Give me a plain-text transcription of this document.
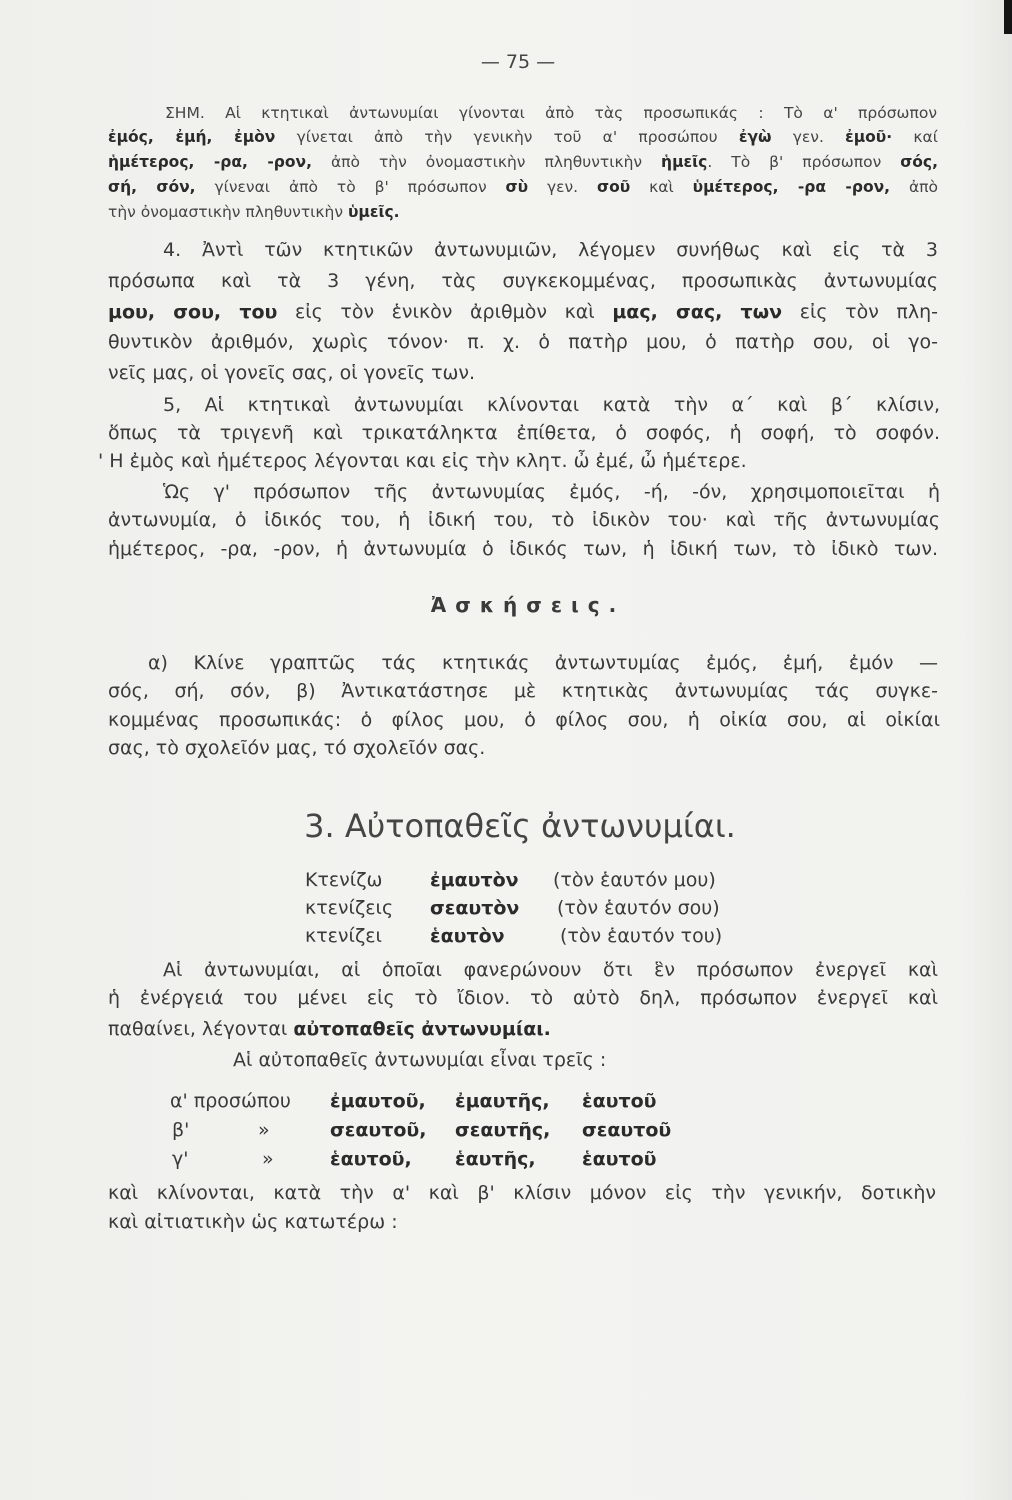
— 75 —
ΣΗΜ. Αἱ κτητικαὶ ἀντωνυμίαι γίνονται ἀπὸ τὰς προσωπικάς : Τὸ α' πρόσωπον
ἐμός, ἐμή, ἐμὸν γίνεται ἀπὸ τὴν γενικὴν τοῦ α' προσώπου ἐγὼ γεν. ἐμοῦ· καί
ἡμέτερος, -ρα, -ρον, ἀπὸ τὴν ὀνομαστικὴν πληθυντικὴν ἡμεῖς. Τὸ β' πρόσωπον σός,
σή, σόν, γίνεναι ἀπὸ τὸ β' πρόσωπον σὺ γεν. σοῦ καὶ ὑμέτερος, -ρα -ρον, ἀπὸ
τὴν ὀνομαστικὴν πληθυντικὴν ὑμεῖς.
4. Ἀντὶ τῶν κτητικῶν ἀντωνυμιῶν, λέγομεν συνήθως καὶ εἰς τὰ 3
πρόσωπα καὶ τὰ 3 γένη, τὰς συγκεκομμένας, προσωπικὰς ἀντωνυμίας
μου, σου, του εἰς τὸν ἑνικὸν ἀριθμὸν καὶ μας, σας, των εἰς τὸν πλη-
θυντικὸν ἀριθμόν, χωρὶς τόνον· π. χ. ὁ πατὴρ μου, ὁ πατὴρ σου, οἱ γο-
νεῖς μας, οἱ γονεῖς σας, οἱ γονεῖς των.
5, Αἱ κτητικαὶ ἀντωνυμίαι κλίνονται κατὰ τὴν α΄ καὶ β΄ κλίσιν,
ὅπως τὰ τριγενῆ καὶ τρικατάληκτα ἐπίθετα, ὁ σοφός, ἡ σοφή, τὸ σοφόν.
' Η ἐμὸς καὶ ἡμέτερος λέγονται και εἰς τὴν κλητ. ὦ ἐμέ, ὦ ἡμέτερε.
Ὡς γ' πρόσωπον τῆς ἀντωνυμίας ἐμός, -ή, -όν, χρησιμοποιεῖται ἡ
ἀντωνυμία, ὁ ἰδικός του, ἡ ἰδική του, τὸ ἰδικὸν του· καὶ τῆς ἀντωνυμίας
ἡμέτερος, -ρα, -ρον, ἡ ἀντωνυμία ὁ ἰδικός των, ἡ ἰδική των, τὸ ἰδικὸ των.
Ἀσκήσεις.
α) Κλίνε γραπτῶς τάς κτητικάς ἀντωντυμίας ἐμός, ἐμή, ἐμόν —
σός, σή, σόν, β) Ἀντικατάστησε μὲ κτητικὰς ἀντωνυμίας τάς συγκε-
κομμένας προσωπικάς: ὁ φίλος μου, ὁ φίλος σου, ἡ οἰκία σου, αἱ οἰκίαι
σας, τὸ σχολεῖόν μας, τό σχολεῖόν σας.
3. Αὐτοπαθεῖς ἀντωνυμίαι.
Κτενίζω	ἐμαυτὸν (τὸν ἑαυτόν μου)
κτενίζεις σεαυτὸν (τὸν ἑαυτόν σου)
κτενίζει	ἑαυτὸν	(τὸν ἑαυτόν του)
Αἱ ἀντωνυμίαι, αἱ ὁποῖαι φανερώνουν ὅτι ἓν πρόσωπον ἐνεργεῖ καὶ
ἡ ἐνέργειά του μένει εἰς τὸ ἴδιον. τὸ αὐτὸ δηλ, πρόσωπον ἐνεργεῖ καὶ
παθαίνει, λέγονται αὐτοπαθεῖς ἀντωνυμίαι.
Αἱ αὐτοπαθεῖς ἀντωνυμίαι εἶναι τρεῖς :
α' προσώπου ἐμαυτοῦ, ἐμαυτῆς, ἑαυτοῦ
β'	»	σεαυτοῦ, σεαυτῆς, σεαυτοῦ
γ'	»	ἑαυτοῦ, ἑαυτῆς, ἑαυτοῦ
καὶ κλίνονται, κατὰ τὴν α' καὶ β' κλίσιν μόνον εἰς τὴν γενικήν, δοτικὴν
καὶ αἰτιατικὴν ὡς κατωτέρω :
